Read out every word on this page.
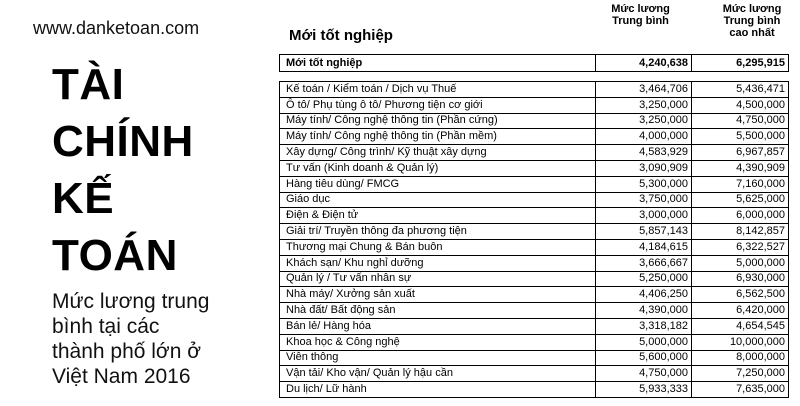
www.danketoan.com
TÀI
CHÍNH
KẾ
TOÁN
Mức lương trung
bình tại các
thành phố lớn ở
Việt Nam 2016
Mới tốt nghiệp
Mức lương
Trung bình
Mức lương
Trung bình
cao nhất
Mới tốt nghiệp	4,240,638	6,295,915
Kế toán / Kiểm toán / Dịch vụ Thuế	3,464,706	5,436,471
Ô tô/ Phụ tùng ô tô/ Phương tiện cơ giới	3,250,000	4,500,000
Máy tính/ Công nghệ thông tin (Phần cứng)	3,250,000	4,750,000
Máy tính/ Công nghệ thông tin (Phần mềm)	4,000,000	5,500,000
Xây dựng/ Công trình/ Kỹ thuật xây dựng	4,583,929	6,967,857
Tư vấn (Kinh doanh & Quản lý)	3,090,909	4,390,909
Hàng tiêu dùng/ FMCG	5,300,000	7,160,000
Giáo dục	3,750,000	5,625,000
Điện & Điện tử	3,000,000	6,000,000
Giải trí/ Truyền thông đa phương tiện	5,857,143	8,142,857
Thương mại Chung & Bán buôn	4,184,615	6,322,527
Khách sạn/ Khu nghỉ dưỡng	3,666,667	5,000,000
Quản lý / Tư vấn nhân sự	5,250,000	6,930,000
Nhà máy/ Xưởng sản xuất	4,406,250	6,562,500
Nhà đất/ Bất động sản	4,390,000	6,420,000
Bán lẻ/ Hàng hóa	3,318,182	4,654,545
Khoa học & Công nghệ	5,000,000	10,000,000
Viễn thông	5,600,000	8,000,000
Vận tải/ Kho vận/ Quản lý hậu cần	4,750,000	7,250,000
Du lịch/ Lữ hành	5,933,333	7,635,000
